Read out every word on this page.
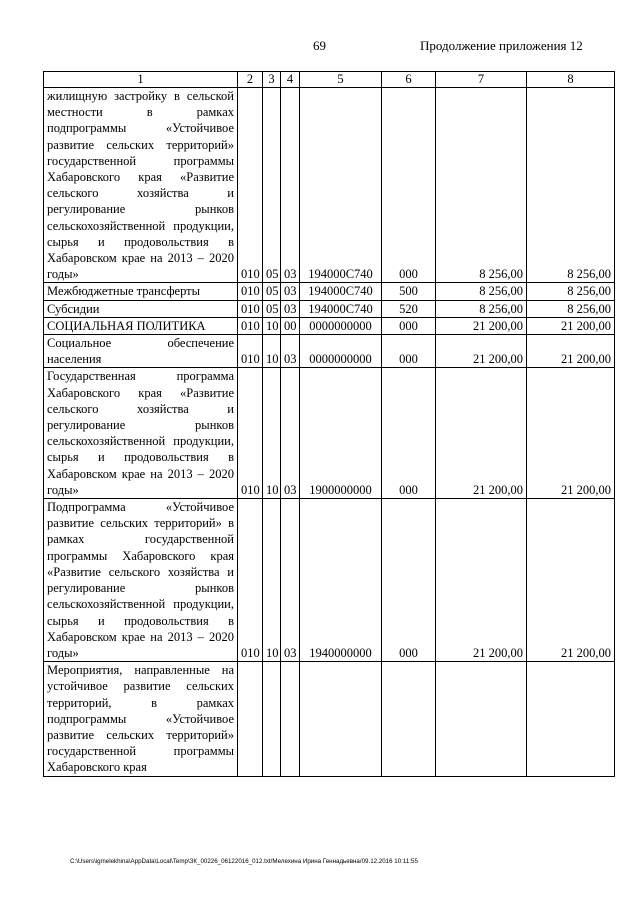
69	Продолжение приложения 12
1	2	3	4	5	6	7	8
жилищную застройку в сельской местности в рамках подпрограммы «Устойчивое развитие сельских территорий» государственной программы Хабаровского края «Развитие сельского хозяйства и регулирование рынков сельскохозяйственной продукции, сырья и продовольствия в Хабаровском крае на 2013 – 2020 годы»	010	05	03	194000С740	000	8 256,00	8 256,00
Межбюджетные трансферты	010	05	03	194000С740	500	8 256,00	8 256,00
Субсидии	010	05	03	194000С740	520	8 256,00	8 256,00
СОЦИАЛЬНАЯ ПОЛИТИКА	010	10	00	0000000000	000	21 200,00	21 200,00
Социальное обеспечение населения	010	10	03	0000000000	000	21 200,00	21 200,00
Государственная программа Хабаровского края «Развитие сельского хозяйства и регулирование рынков сельскохозяйственной продукции, сырья и продовольствия в Хабаровском крае на 2013 – 2020 годы»	010	10	03	1900000000	000	21 200,00	21 200,00
Подпрограмма «Устойчивое развитие сельских территорий» в рамках государственной программы Хабаровского края «Развитие сельского хозяйства и регулирование рынков сельскохозяйственной продукции, сырья и продовольствия в Хабаровском крае на 2013 – 2020 годы»	010	10	03	1940000000	000	21 200,00	21 200,00
Мероприятия, направленные на устойчивое развитие сельских территорий, в рамках подпрограммы «Устойчивое развитие сельских территорий» государственной программы Хабаровского края							
C:\Users\igmelekhina\AppData\Local\Temp\ЗК_00226_06122016_012.txt/Мелехина Ирина Геннадьевна/09.12.2016 10:11:55
